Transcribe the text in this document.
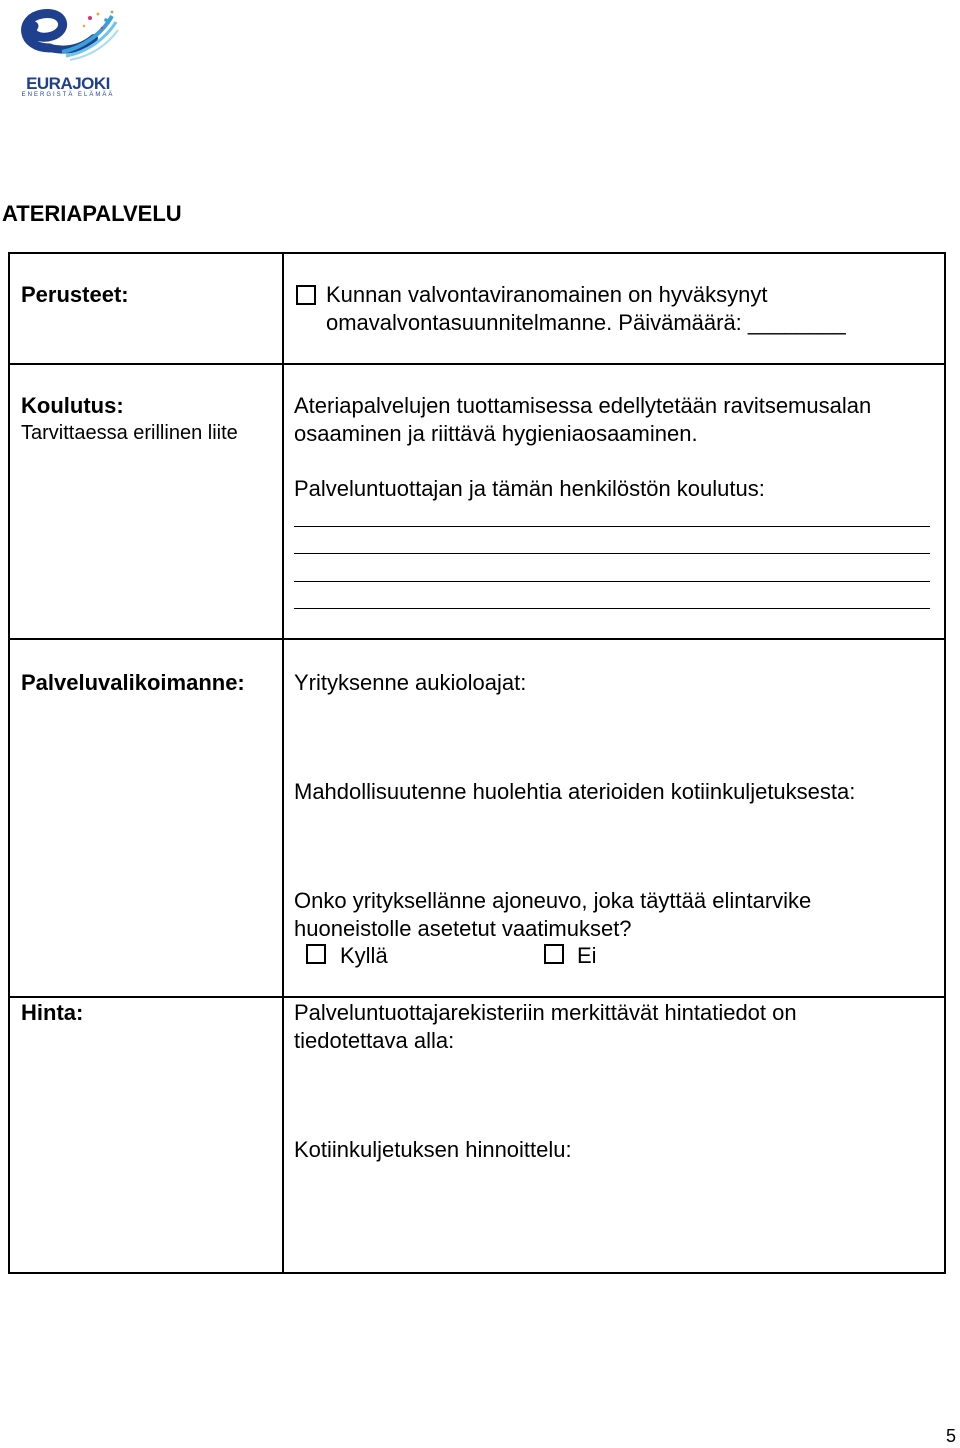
EURAJOKI
ENERGISTÄ ELÄMÄÄ
ATERIAPALVELU
Perusteet:	Kunnan valvontaviranomainen on hyväksynyt
omavalvontasuunnitelmanne. Päivämäärä: ________
Koulutus:
Tarvittaessa erillinen liite
Ateriapalvelujen tuottamisessa edellytetään ravitsemusalan
osaaminen ja riittävä hygieniaosaaminen.
Palveluntuottajan ja tämän henkilöstön koulutus:
Palveluvalikoimanne: Yrityksenne aukioloajat:
Mahdollisuutenne huolehtia aterioiden kotiinkuljetuksesta:
Onko yrityksellänne ajoneuvo, joka täyttää elintarvike
huoneistolle asetetut vaatimukset?
Kyllä	Ei
Hinta:	Palveluntuottajarekisteriin merkittävät hintatiedot on
tiedotettava alla:
Kotiinkuljetuksen hinnoittelu:
5
